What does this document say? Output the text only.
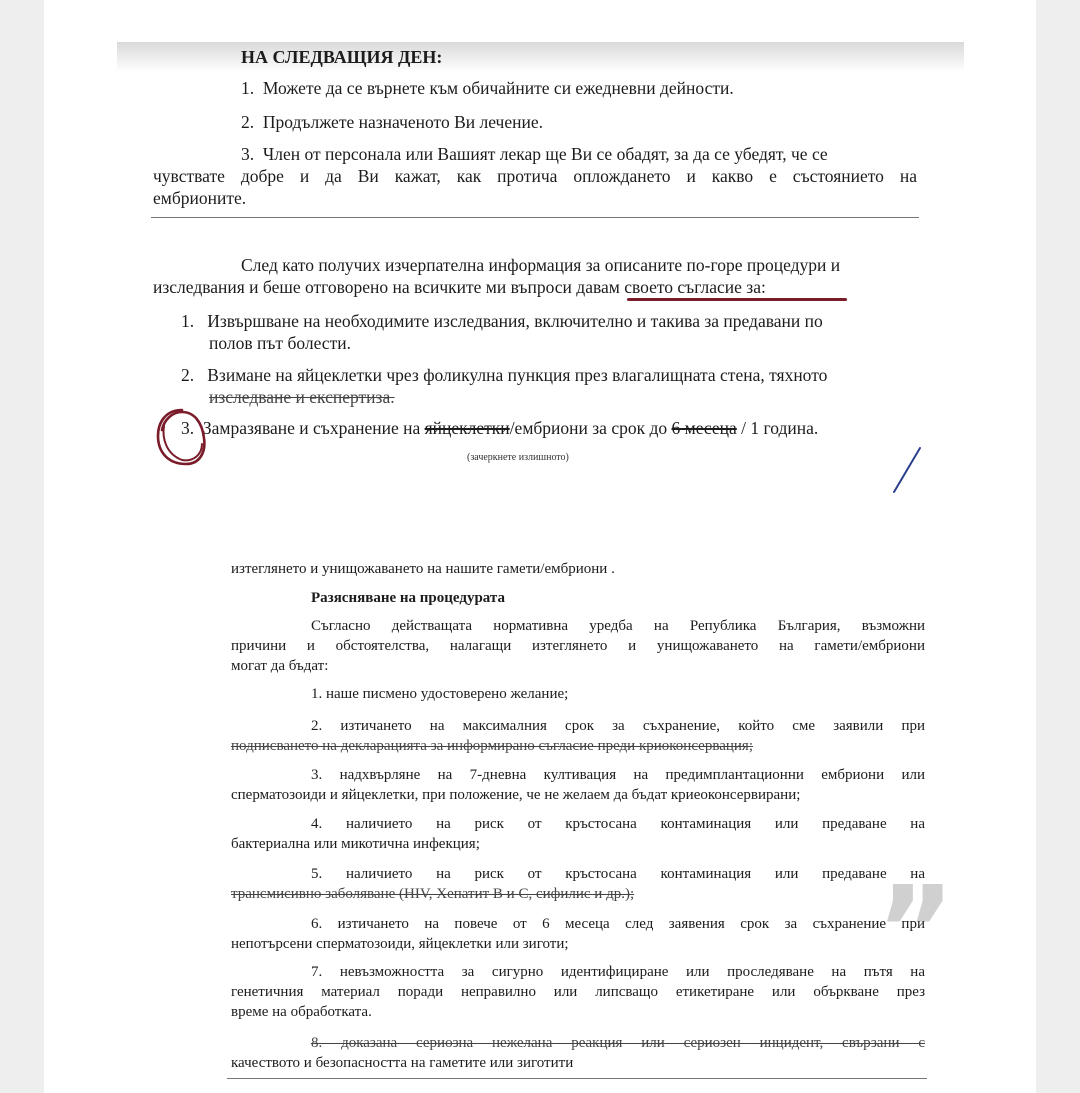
НА СЛЕДВАЩИЯ ДЕН:
1. Можете да се върнете към обичайните си ежедневни дейности.
2. Продължете назначеното Ви лечение.
3. Член от персонала или Вашият лекар ще Ви се обадят, за да се убедят, че се
чувствате добре и да Ви кажат, как протича оплождането и какво е състоянието на
ембрионите.
След като получих изчерпателна информация за описаните по-горе процедури и
изследвания и беше отговорено на всичките ми въпроси давам своето съгласие за:
1. Извършване на необходимите изследвания, включително и такива за предавани по
полов път болести.
2. Взимане на яйцеклетки чрез фоликулна пункция през влагалищната стена, тяхното
изследване и експертиза.
3. Замразяване и съхранение на яйцеклетки/ембриони за срок до 6 месеца / 1 година.
(зачеркнете излишното)
изтеглянето и унищожаването на нашите гамети/ембриони .
Разясняване на процедурата
Съгласно действащата нормативна уредба на Република България, възможни
причини и обстоятелства, налагащи изтеглянето и унищожаването на гамети/ембриони
могат да бъдат:
1. наше писмено удостоверено желание;
2. изтичането на максималния срок за съхранение, който сме заявили при
подписването на декларацията за информирано съгласие преди криоконсервация;
3. надхвърляне на 7-дневна култивация на предимплантационни ембриони или
сперматозоиди и яйцеклетки, при положение, че не желаем да бъдат криеоконсервирани;
4. наличието на риск от кръстосана контаминация или предаване на
бактериална или микотична инфекция;
5. наличието на риск от кръстосана контаминация или предаване на
трансмисивно заболяване (HIV, Хепатит B и C, сифилис и др.);
6. изтичането на повече от 6 месеца след заявения срок за съхранение при
непотърсени сперматозоиди, яйцеклетки или зиготи;
7. невъзможността за сигурно идентифициране или проследяване на пътя на
генетичния материал поради неправилно или липсващо етикетиране или объркване през
време на обработката.
8. доказана сериозна нежелана реакция или сериозен инцидент, свързани с
качеството и безопасността на гаметите или зиготити
”
